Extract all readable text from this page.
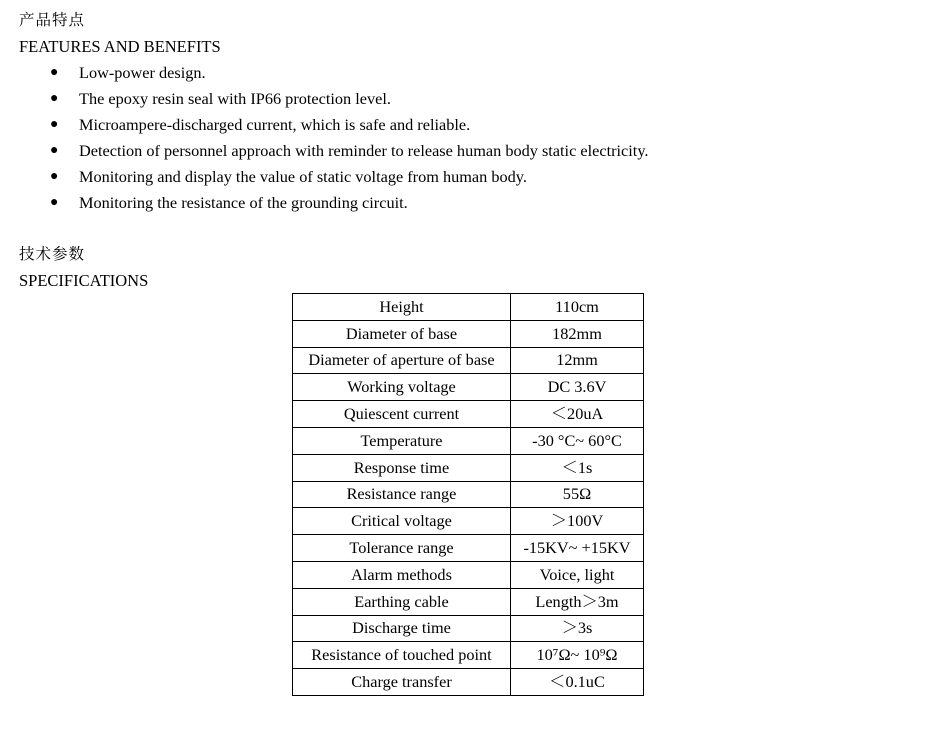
产品特点
FEATURES AND BENEFITS
● Low-power design.
● The epoxy resin seal with IP66 protection level.
● Microampere-discharged current, which is safe and reliable.
● Detection of personnel approach with reminder to release human body static electricity.
● Monitoring and display the value of static voltage from human body.
● Monitoring the resistance of the grounding circuit.
技术参数
SPECIFICATIONS
Height	110cm
Diameter of base	182mm
Diameter of aperture of base	12mm
Working voltage	DC 3.6V
Quiescent current	＜20uA
Temperature	-30 °C~ 60°C
Response time	＜1s
Resistance range	55Ω
Critical voltage	＞100V
Tolerance range	-15KV~ +15KV
Alarm methods	Voice, light
Earthing cable	Length＞3m
Discharge time	＞3s
Resistance of touched point	10⁷Ω~ 10⁹Ω
Charge transfer	＜0.1uC
